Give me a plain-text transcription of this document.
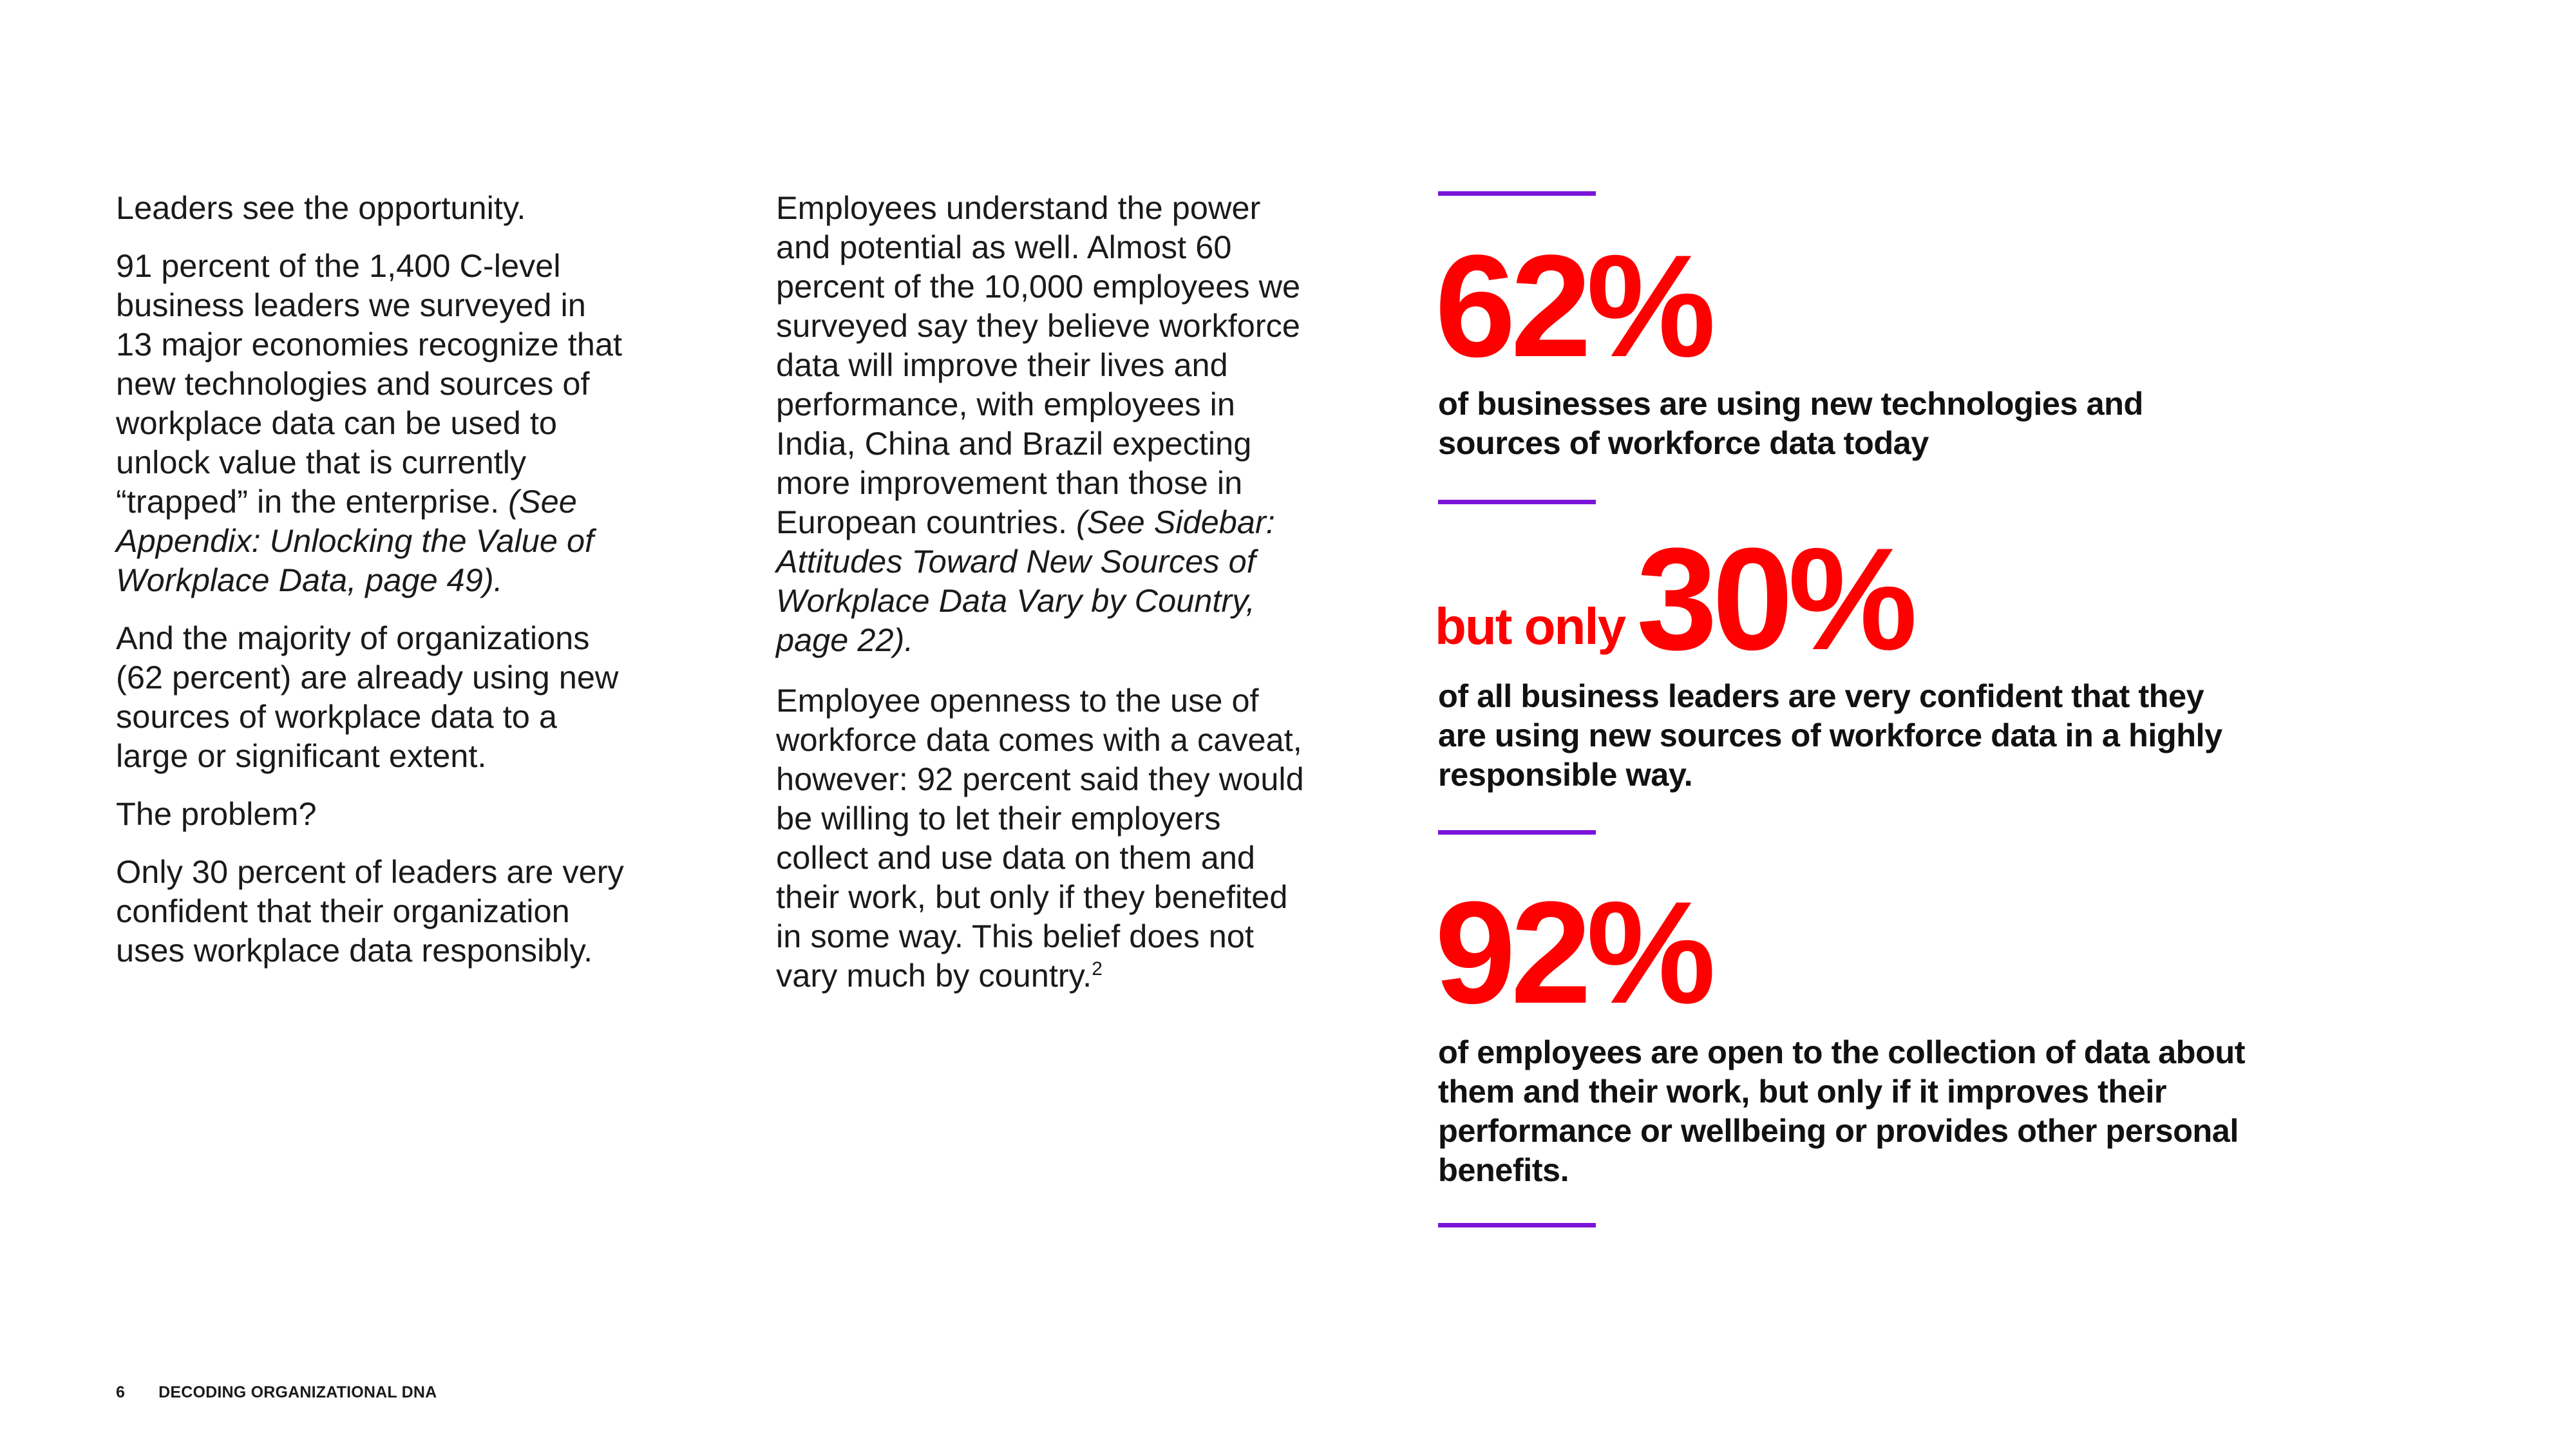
Leaders see the opportunity.

91 percent of the 1,400 C-level business leaders we surveyed in 13 major economies recognize that new technologies and sources of workplace data can be used to unlock value that is currently “trapped” in the enterprise. (See Appendix: Unlocking the Value of Workplace Data, page 49).

And the majority of organizations (62 percent) are already using new sources of workplace data to a large or significant extent.

The problem?

Only 30 percent of leaders are very confident that their organization uses workplace data responsibly.

Employees understand the power and potential as well. Almost 60 percent of the 10,000 employees we surveyed say they believe workforce data will improve their lives and performance, with employees in India, China and Brazil expecting more improvement than those in European countries. (See Sidebar: Attitudes Toward New Sources of Workplace Data Vary by Country, page 22).

Employee openness to the use of workforce data comes with a caveat, however: 92 percent said they would be willing to let their employers collect and use data on them and their work, but only if they benefited in some way. This belief does not vary much by country.$^2$

62%
of businesses are using new technologies and sources of workforce data today
but only30%
of all business leaders are very confident that they are using new sources of workforce data in a highly responsible way.
92%
of employees are open to the collection of data about them and their work, but only if it improves their performance or wellbeing or provides other personal benefits.
6 DECODING ORGANIZATIONAL DNA
